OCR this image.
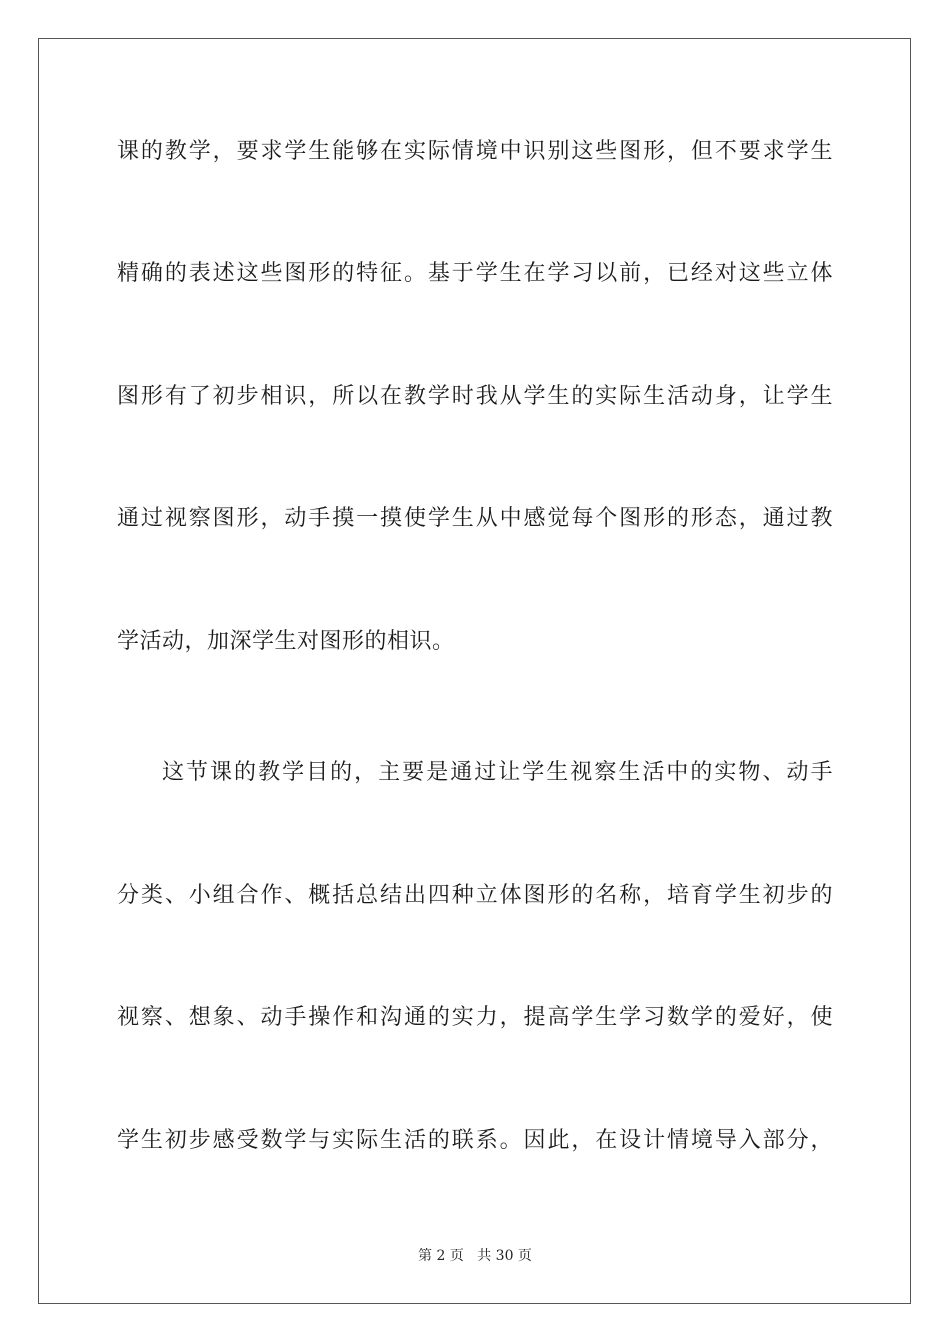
课的教学，要求学生能够在实际情境中识别这些图形，但不要求学生
精确的表述这些图形的特征。基于学生在学习以前，已经对这些立体
图形有了初步相识，所以在教学时我从学生的实际生活动身，让学生
通过视察图形，动手摸一摸使学生从中感觉每个图形的形态，通过教
学活动，加深学生对图形的相识。
这节课的教学目的，主要是通过让学生视察生活中的实物、动手
分类、小组合作、概括总结出四种立体图形的名称，培育学生初步的
视察、想象、动手操作和沟通的实力，提高学生学习数学的爱好，使
学生初步感受数学与实际生活的联系。因此，在设计情境导入部分，
第 2 页 共 30 页
